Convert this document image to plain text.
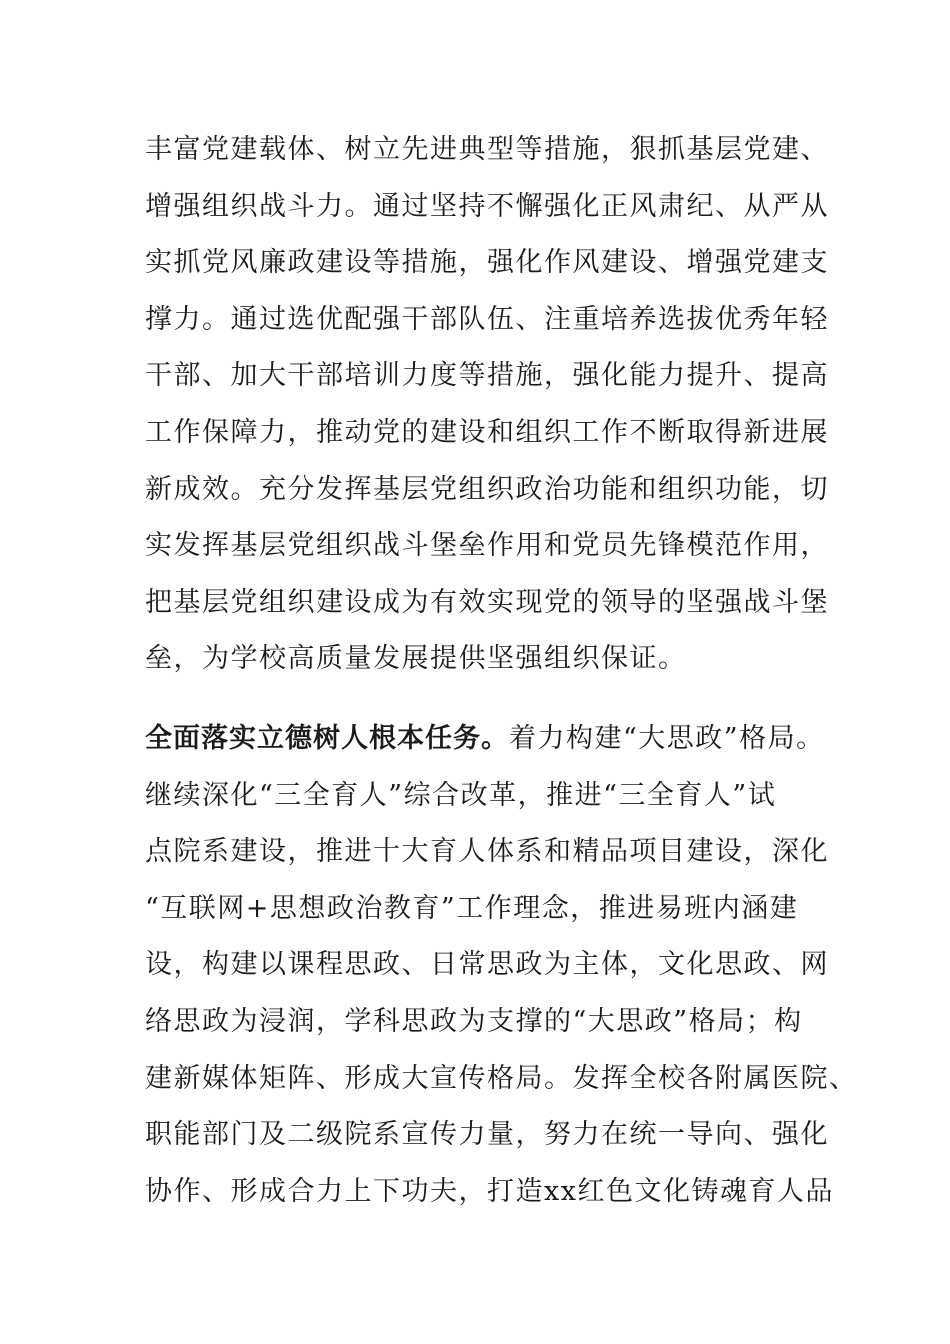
丰富党建载体、树立先进典型等措施，狠抓基层党建、
增强组织战斗力。通过坚持不懈强化正风肃纪、从严从
实抓党风廉政建设等措施，强化作风建设、增强党建支
撑力。通过选优配强干部队伍、注重培养选拔优秀年轻
干部、加大干部培训力度等措施，强化能力提升、提高
工作保障力，推动党的建设和组织工作不断取得新进展
新成效。充分发挥基层党组织政治功能和组织功能，切
实发挥基层党组织战斗堡垒作用和党员先锋模范作用，
把基层党组织建设成为有效实现党的领导的坚强战斗堡
垒，为学校高质量发展提供坚强组织保证。
全面落实立德树人根本任务。着力构建“大思政”格局。
继续深化“三全育人”综合改革，推进“三全育人”试
点院系建设，推进十大育人体系和精品项目建设，深化
“互联网+思想政治教育”工作理念，推进易班内涵建
设，构建以课程思政、日常思政为主体，文化思政、网
络思政为浸润，学科思政为支撑的“大思政”格局；构
建新媒体矩阵、形成大宣传格局。发挥全校各附属医院、
职能部门及二级院系宣传力量，努力在统一导向、强化
协作、形成合力上下功夫，打造xx红色文化铸魂育人品
